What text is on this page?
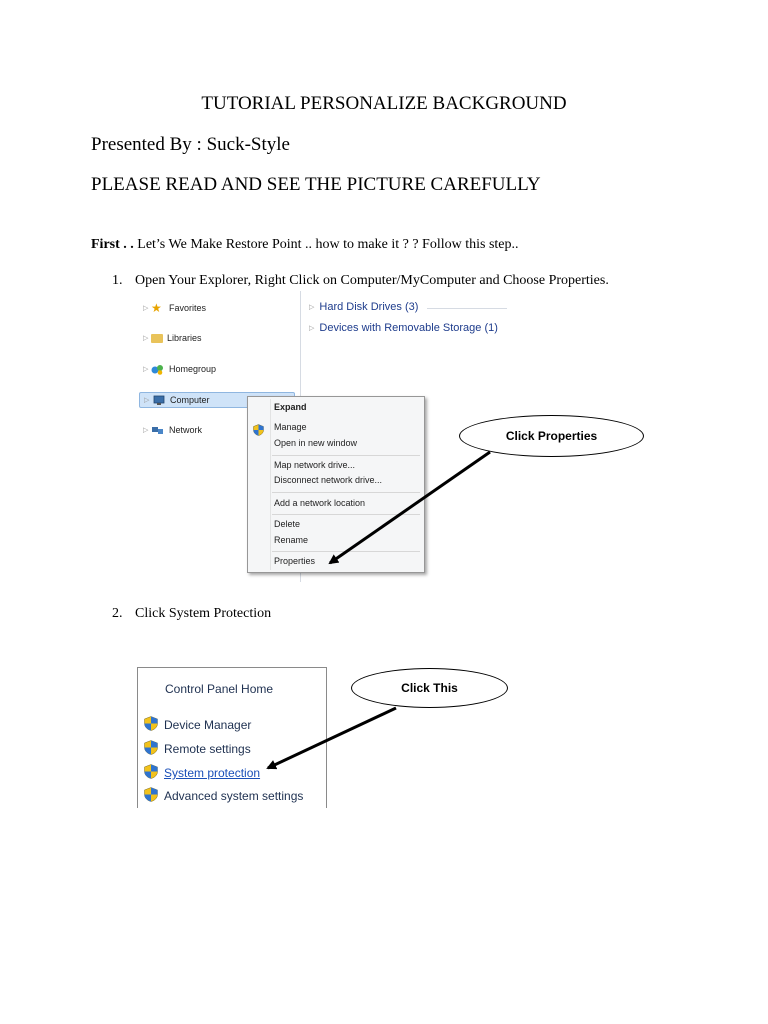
TUTORIAL PERSONALIZE BACKGROUND
Presented By : Suck-Style
PLEASE READ AND SEE THE PICTURE CAREFULLY
First . . Let’s We Make Restore Point .. how to make it ? ? Follow this step..
1. Open Your Explorer, Right Click on Computer/MyComputer and Choose Properties.
▷ ★ Favorites
▷ Libraries
▷ Homegroup
▷ Computer
▷ Network
▷ Hard Disk Drives (3)
▷ Devices with Removable Storage (1)
Expand
Manage
Open in new window
Map network drive...
Disconnect network drive...
Add a network location
Delete
Rename
Properties
2. Click System Protection
Control Panel Home
Device Manager
Remote settings
System protection
Advanced system settings
Click Properties
Click This
